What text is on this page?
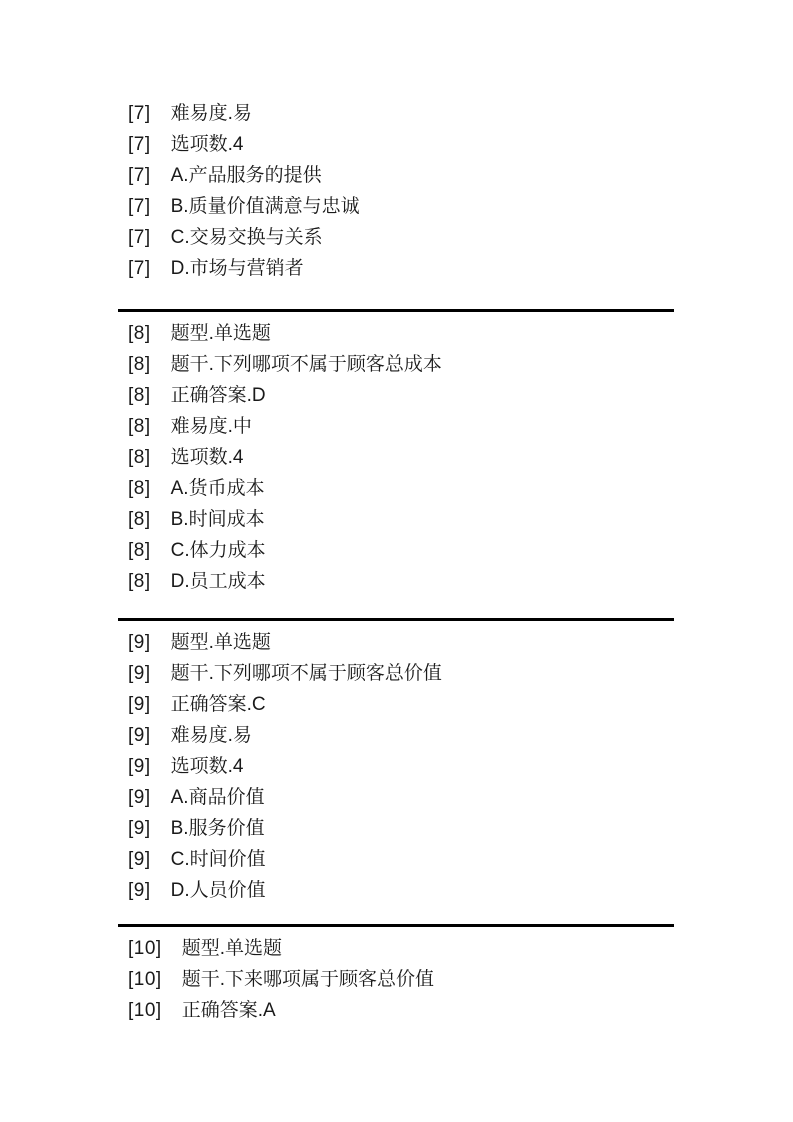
[7] 难易度.易
[7] 选项数.4
[7] A.产品服务的提供
[7] B.质量价值满意与忠诚
[7] C.交易交换与关系
[7] D.市场与营销者
[8] 题型.单选题
[8] 题干.下列哪项不属于顾客总成本
[8] 正确答案.D
[8] 难易度.中
[8] 选项数.4
[8] A.货币成本
[8] B.时间成本
[8] C.体力成本
[8] D.员工成本
[9] 题型.单选题
[9] 题干.下列哪项不属于顾客总价值
[9] 正确答案.C
[9] 难易度.易
[9] 选项数.4
[9] A.商品价值
[9] B.服务价值
[9] C.时间价值
[9] D.人员价值
[10] 题型.单选题
[10] 题干.下来哪项属于顾客总价值
[10] 正确答案.A
